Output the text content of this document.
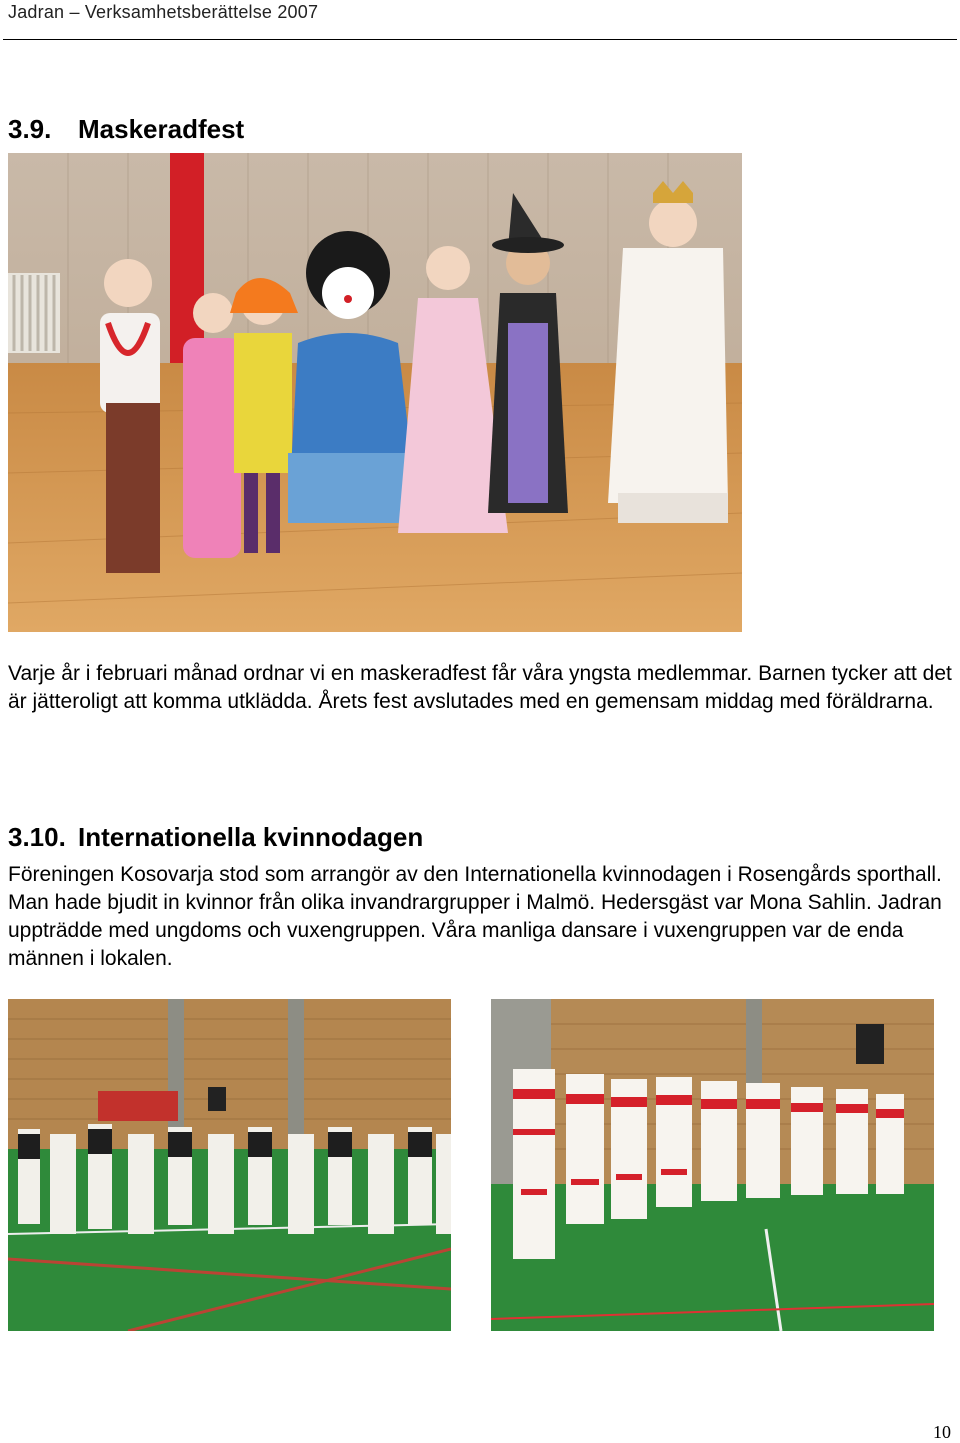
Jadran – Verksamhetsberättelse 2007
3.9. Maskeradfest
Varje år i februari månad ordnar vi en maskeradfest får våra yngsta medlemmar. Barnen tycker att det är jätteroligt att komma utklädda. Årets fest avslutades med en gemensam middag med föräldrarna.
3.10. Internationella kvinnodagen
Föreningen Kosovarja stod som arrangör av den Internationella kvinnodagen i Rosengårds sporthall. Man hade bjudit in kvinnor från olika invandrargrupper i Malmö. Hedersgäst var Mona Sahlin. Jadran uppträdde med ungdoms och vuxengruppen. Våra manliga dansare i vuxengruppen var de enda männen i lokalen.
10
